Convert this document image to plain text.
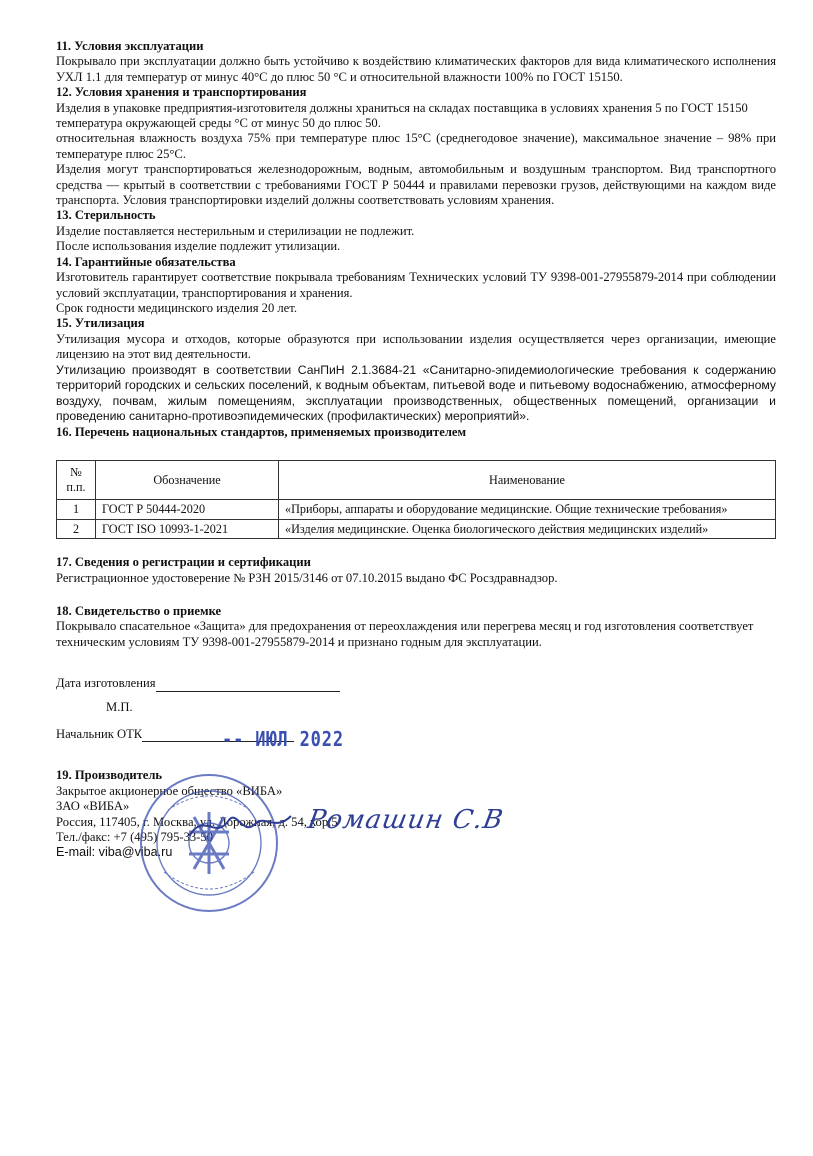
11. Условия эксплуатации

Покрывало при эксплуатации должно быть устойчиво к воздействию климатических факторов для вида климатического исполнения УХЛ 1.1 для температур от минус 40°С до плюс 50 °С и относительной влажности 100% по ГОСТ 15150.

12. Условия хранения и транспортирования

Изделия в упаковке предприятия-изготовителя должны храниться на складах поставщика в условиях хранения 5 по ГОСТ 15150

температура окружающей среды °С от минус 50 до плюс 50.

относительная влажность воздуха 75% при температуре плюс 15°С (среднегодовое значение), максимальное значение – 98% при температуре плюс 25°С.

Изделия могут транспортироваться железнодорожным, водным, автомобильным и воздушным транспортом. Вид транспортного средства — крытый в соответствии с требованиями ГОСТ Р 50444 и правилами перевозки грузов, действующими на каждом виде транспорта. Условия транспортировки изделий должны соответствовать условиям хранения.

13. Стерильность

Изделие поставляется нестерильным и стерилизации не подлежит.

После использования изделие подлежит утилизации.

14. Гарантийные обязательства

Изготовитель гарантирует соответствие покрывала требованиям Технических условий ТУ 9398-001-27955879-2014 при соблюдении условий эксплуатации, транспортирования и хранения.

Срок годности медицинского изделия 20 лет.

15. Утилизация

Утилизация мусора и отходов, которые образуются при использовании изделия осуществляется через организации, имеющие лицензию на этот вид деятельности.

Утилизацию производят в соответствии СанПиН 2.1.3684-21 «Санитарно-эпидемиологические требования к содержанию территорий городских и сельских поселений, к водным объектам, питьевой воде и питьевому водоснабжению, атмосферному воздуху, почвам, жилым помещениям, эксплуатации производственных, общественных помещений, организации и проведению санитарно-противоэпидемических (профилактических) мероприятий».

16. Перечень национальных стандартов, применяемых производителем
№ п.п.	Обозначение	Наименование
1	ГОСТ Р 50444-2020	«Приборы, аппараты и оборудование медицинские. Общие технические требования»
2	ГОСТ ISO 10993-1-2021	«Изделия медицинские. Оценка биологического действия медицинских изделий»
17. Сведения о регистрации и сертификации

Регистрационное удостоверение № РЗН 2015/3146 от 07.10.2015 выдано ФС Росздравнадзор.

18. Свидетельство о приемке

Покрывало спасательное «Защита» для предохранения от переохлаждения или перегрева месяц и год изготовления соответствует техническим условиям ТУ 9398-001-27955879-2014 и признано годным для эксплуатации.

Дата изготовления
М.П.
Начальник ОТК
19. Производитель
Закрытое акционерное общество «ВИБА»
ЗАО «ВИБА»
Россия, 117405, г. Москва, ул. Дорожная, д. 54, кор.5
Тел./факс: +7 (495) 795-33-50
E-mail: viba@viba.ru
-- ИЮЛ 2022
Ромашин С.В
